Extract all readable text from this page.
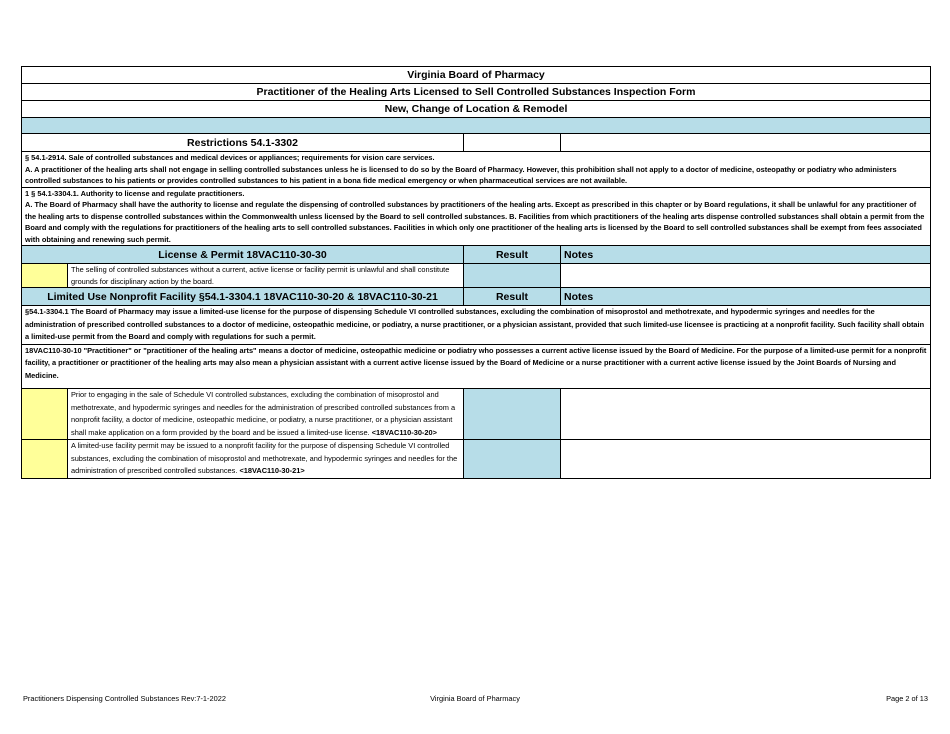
Virginia Board of Pharmacy			
Practitioner of the Healing Arts Licensed to Sell Controlled Substances Inspection Form			
New, Change of Location & Remodel			

Restrictions 54.1-3302			

§ 54.1-2914. Sale of controlled substances and medical devices or appliances; requirements for vision care services.

A. A practitioner of the healing arts shall not engage in selling controlled substances unless he is licensed to do so by the Board of Pharmacy. However, this prohibition shall not apply to a doctor of medicine, osteopathy or podiatry who administers controlled substances to his patients or provides controlled substances to his patient in a bona fide medical emergency or when pharmaceutical services are not available.			

1 § 54.1-3304.1. Authority to license and regulate practitioners.

A. The Board of Pharmacy shall have the authority to license and regulate the dispensing of controlled substances by practitioners of the healing arts. Except as prescribed in this chapter or by Board regulations, it shall be unlawful for any practitioner of the healing arts to dispense controlled substances within the Commonwealth unless licensed by the Board to sell controlled substances. B. Facilities from which practitioners of the healing arts dispense controlled substances shall obtain a permit from the Board and comply with the regulations for practitioners of the healing arts to sell controlled substances. Facilities in which only one practitioner of the healing arts is licensed by the Board to sell controlled substances shall be exempt from fees associated with obtaining and renewing such permit.			

License & Permit 18VAC110-30-30		Result	Notes
	The selling of controlled substances without a current, active license or facility permit is unlawful and shall constitute grounds for disciplinary action by the board.		
Limited Use Nonprofit Facility §54.1-3304.1 18VAC110-30-20 & 18VAC110-30-21		Result	Notes
§54.1-3304.1 The Board of Pharmacy may issue a limited-use license for the purpose of dispensing Schedule VI controlled substances, excluding the combination of misoprostol and methotrexate, and hypodermic syringes and needles for the administration of prescribed controlled substances to a doctor of medicine, osteopathic medicine, or podiatry, a nurse practitioner, or a physician assistant, provided that such limited-use licensee is practicing at a nonprofit facility. Such facility shall obtain a limited-use permit from the Board and comply with regulations for such a permit.			
18VAC110-30-10 "Practitioner" or "practitioner of the healing arts" means a doctor of medicine, osteopathic medicine or podiatry who possesses a current active license issued by the Board of Medicine. For the purpose of a limited-use permit for a nonprofit facility, a practitioner or practitioner of the healing arts may also mean a physician assistant with a current active license issued by the Board of Medicine or a nurse practitioner with a current active license issued by the Joint Boards of Nursing and Medicine.			
	Prior to engaging in the sale of Schedule VI controlled substances, excluding the combination of misoprostol and methotrexate, and hypodermic syringes and needles for the administration of prescribed controlled substances from a nonprofit facility, a doctor of medicine, osteopathic medicine, or podiatry, a nurse practitioner, or a physician assistant shall make application on a form provided by the board and be issued a limited-use license. <18VAC110-30-20>		
	A limited-use facility permit may be issued to a nonprofit facility for the purpose of dispensing Schedule VI controlled substances, excluding the combination of misoprostol and methotrexate, and hypodermic syringes and needles for the administration of prescribed controlled substances. <18VAC110-30-21>		
Practitioners Dispensing Controlled Substances Rev:7-1-2022	Virginia Board of Pharmacy	Page 2 of 13
